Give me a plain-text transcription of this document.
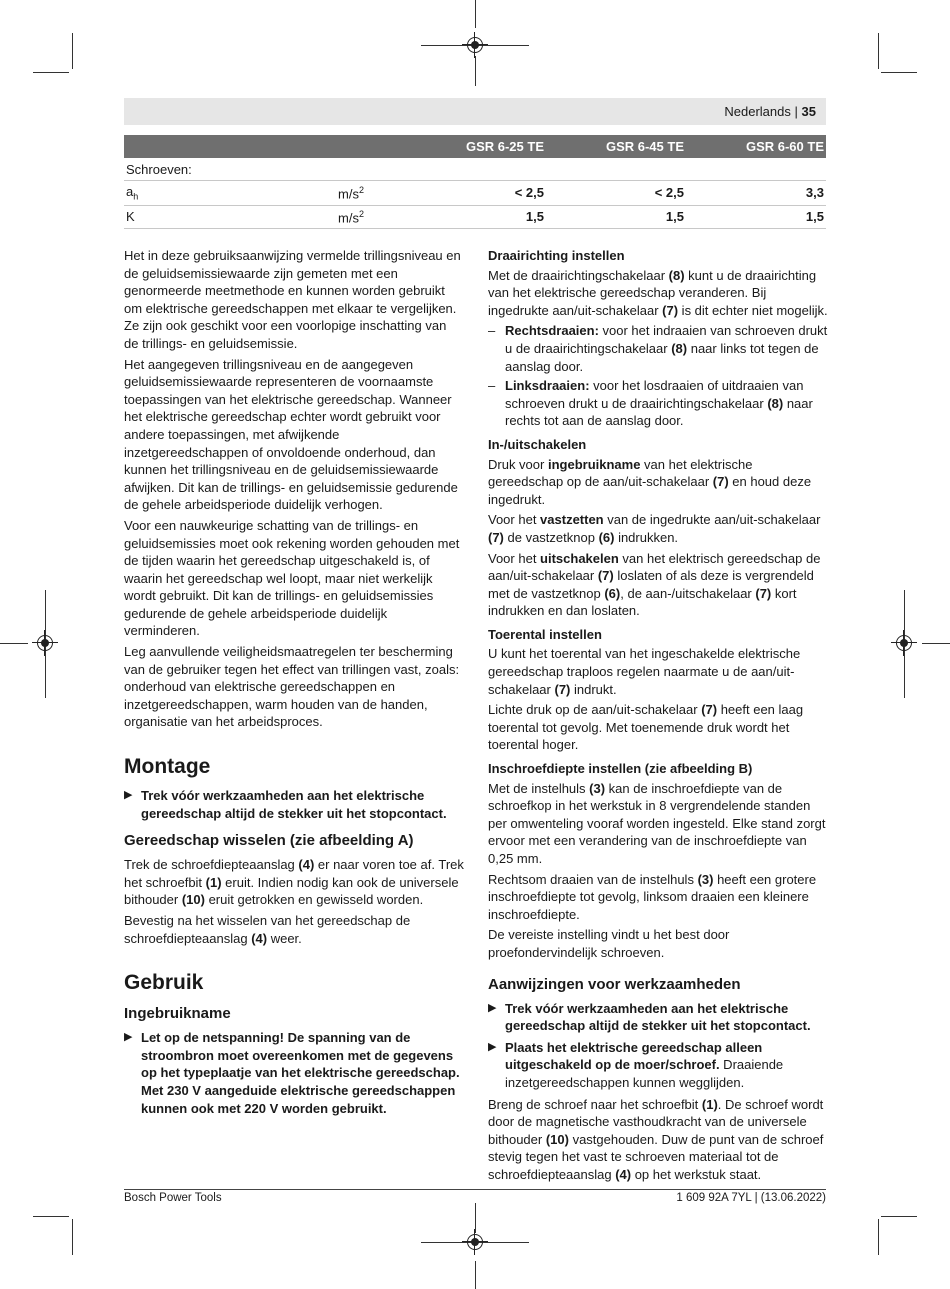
Nederlands | 35
		GSR 6-25 TE	GSR 6-45 TE	GSR 6-60 TE
Schroeven:				
$a_h$	$m/s^2$	< 2,5	< 2,5	3,3
K	$m/s^2$	1,5	1,5	1,5

Het in deze gebruiksaanwijzing vermelde trillingsniveau en de geluidsemissiewaarde zijn gemeten met een genormeerde meetmethode en kunnen worden gebruikt om elektrische gereedschappen met elkaar te vergelijken. Ze zijn ook geschikt voor een voorlopige inschatting van de trillings- en geluidsemissie.

Het aangegeven trillingsniveau en de aangegeven geluidsemissiewaarde representeren de voornaamste toepassingen van het elektrische gereedschap. Wanneer het elektrische gereedschap echter wordt gebruikt voor andere toepassingen, met afwijkende inzetgereedschappen of onvoldoende onderhoud, dan kunnen het trillingsniveau en de geluidsemissiewaarde afwijken. Dit kan de trillings- en geluidsemissie gedurende de gehele arbeidsperiode duidelijk verhogen.

Voor een nauwkeurige schatting van de trillings- en geluidsemissies moet ook rekening worden gehouden met de tijden waarin het gereedschap uitgeschakeld is, of waarin het gereedschap wel loopt, maar niet werkelijk wordt gebruikt. Dit kan de trillings- en geluidsemissies gedurende de gehele arbeidsperiode duidelijk verminderen.

Leg aanvullende veiligheidsmaatregelen ter bescherming van de gebruiker tegen het effect van trillingen vast, zoals: onderhoud van elektrische gereedschappen en inzetgereedschappen, warm houden van de handen, organisatie van het arbeidsproces.

Montage
▶ Trek vóór werkzaamheden aan het elektrische gereedschap altijd de stekker uit het stopcontact.
Gereedschap wisselen (zie afbeelding A)

Trek de schroefdiepteaanslag (4) er naar voren toe af. Trek het schroefbit (1) eruit. Indien nodig kan ook de universele bithouder (10) eruit getrokken en gewisseld worden.

Bevestig na het wisselen van het gereedschap de schroefdiepteaanslag (4) weer.

Gebruik
Ingebruikname
▶ Let op de netspanning! De spanning van de stroombron moet overeenkomen met de gegevens op het typeplaatje van het elektrische gereedschap. Met 230 V aangeduide elektrische gereedschappen kunnen ook met 220 V worden gebruikt.
Draairichting instellen

Met de draairichtingschakelaar (8) kunt u de draairichting van het elektrische gereedschap veranderen. Bij ingedrukte aan/uit-schakelaar (7) is dit echter niet mogelijk.

– Rechtsdraaien: voor het indraaien van schroeven drukt u de draairichtingschakelaar (8) naar links tot tegen de aanslag door.
– Linksdraaien: voor het losdraaien of uitdraaien van schroeven drukt u de draairichtingschakelaar (8) naar rechts tot aan de aanslag door.
In-/uitschakelen

Druk voor ingebruikname van het elektrische gereedschap op de aan/uit-schakelaar (7) en houd deze ingedrukt.

Voor het vastzetten van de ingedrukte aan/uit-schakelaar (7) de vastzetknop (6) indrukken.

Voor het uitschakelen van het elektrisch gereedschap de aan/uit-schakelaar (7) loslaten of als deze is vergrendeld met de vastzetknop (6), de aan-/uitschakelaar (7) kort indrukken en dan loslaten.

Toerental instellen

U kunt het toerental van het ingeschakelde elektrische gereedschap traploos regelen naarmate u de aan/uit-schakelaar (7) indrukt.

Lichte druk op de aan/uit-schakelaar (7) heeft een laag toerental tot gevolg. Met toenemende druk wordt het toerental hoger.

Inschroefdiepte instellen (zie afbeelding B)

Met de instelhuls (3) kan de inschroefdiepte van de schroefkop in het werkstuk in 8 vergrendelende standen per omwenteling vooraf worden ingesteld. Elke stand zorgt ervoor met een verandering van de inschroefdiepte van 0,25 mm.

Rechtsom draaien van de instelhuls (3) heeft een grotere inschroefdiepte tot gevolg, linksom draaien een kleinere inschroefdiepte.

De vereiste instelling vindt u het best door proefondervindelijk schroeven.

Aanwijzingen voor werkzaamheden
▶ Trek vóór werkzaamheden aan het elektrische gereedschap altijd de stekker uit het stopcontact.
▶ Plaats het elektrische gereedschap alleen uitgeschakeld op de moer/schroef. Draaiende inzetgereedschappen kunnen wegglijden.

Breng de schroef naar het schroefbit (1). De schroef wordt door de magnetische vasthoudkracht van de universele bithouder (10) vastgehouden. Duw de punt van de schroef stevig tegen het vast te schroeven materiaal tot de schroefdiepteaanslag (4) op het werkstuk staat.

Bosch Power Tools	1 609 92A 7YL | (13.06.2022)
